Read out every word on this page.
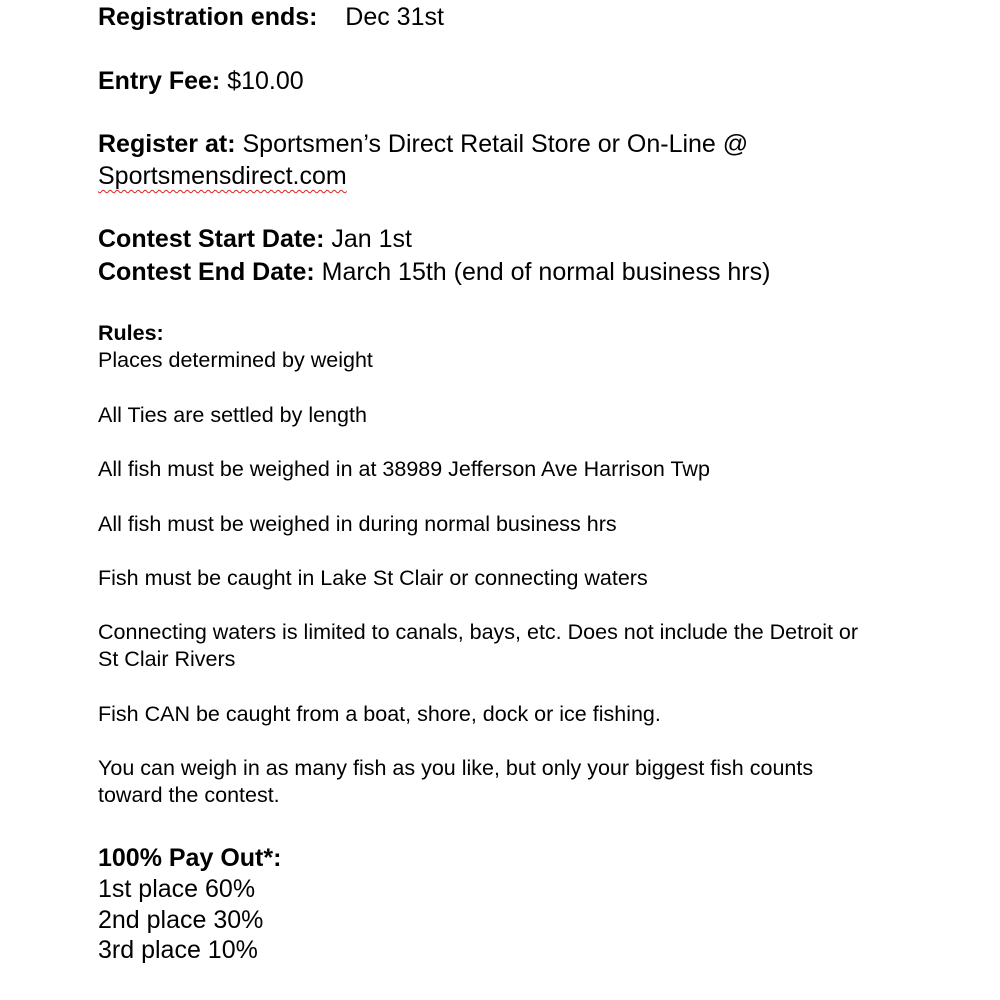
Registration ends: Dec 31st
Entry Fee: $10.00
Register at: Sportsmen’s Direct Retail Store or On-Line @
Sportsmensdirect.com
Contest Start Date: Jan 1st
Contest End Date: March 15th (end of normal business hrs)
Rules:
Places determined by weight
All Ties are settled by length
All fish must be weighed in at 38989 Jefferson Ave Harrison Twp
All fish must be weighed in during normal business hrs
Fish must be caught in Lake St Clair or connecting waters
Connecting waters is limited to canals, bays, etc. Does not include the Detroit or
St Clair Rivers
Fish CAN be caught from a boat, shore, dock or ice fishing.
You can weigh in as many fish as you like, but only your biggest fish counts
toward the contest.
100% Pay Out*:
1st place 60%
2nd place 30%
3rd place 10%
